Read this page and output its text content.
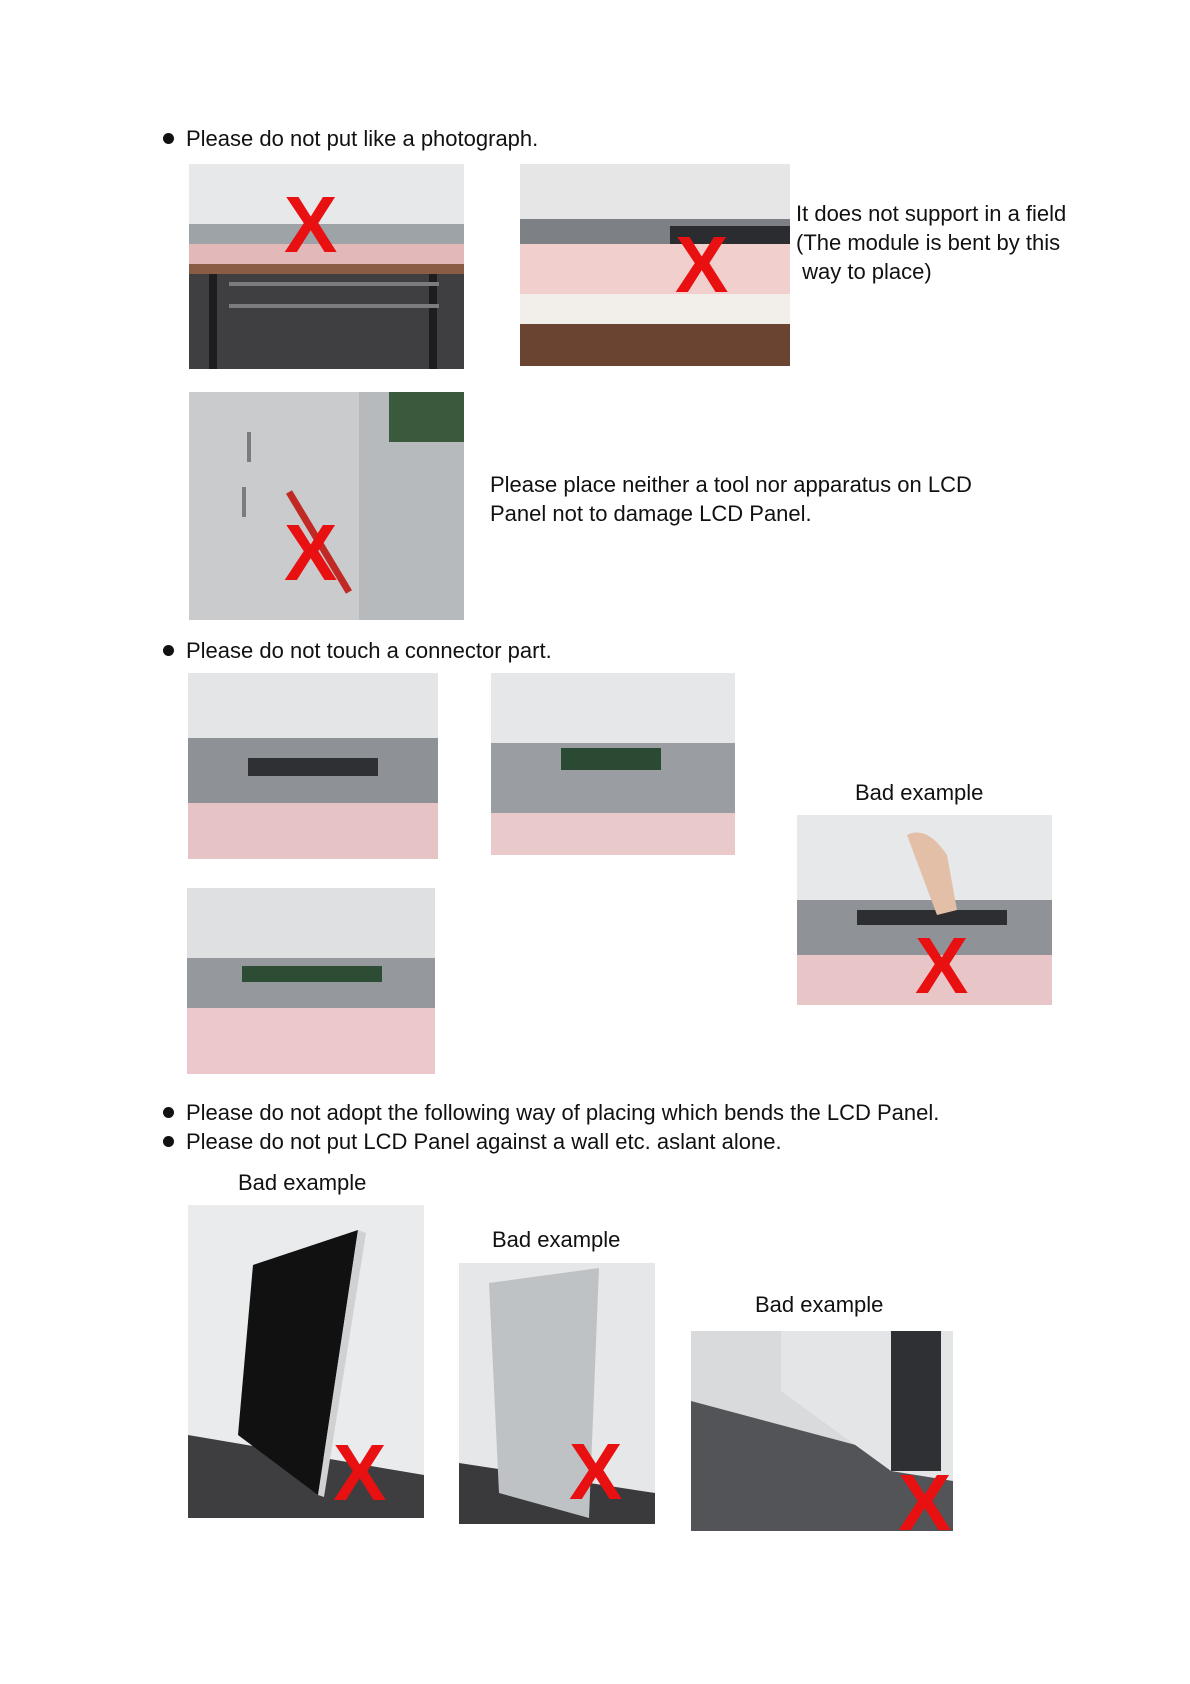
Please do not put like a photograph.
X	X
It does not support in a field
(The module is bent by this
way to place)
X
Please place neither a tool nor apparatus on LCD
Panel not to damage LCD Panel.
Please do not touch a connector part.
Bad example
X
Please do not adopt the following way of placing which bends the LCD Panel.
Please do not put LCD Panel against a wall etc. aslant alone.
Bad example
Bad example
Bad example
X X	X
